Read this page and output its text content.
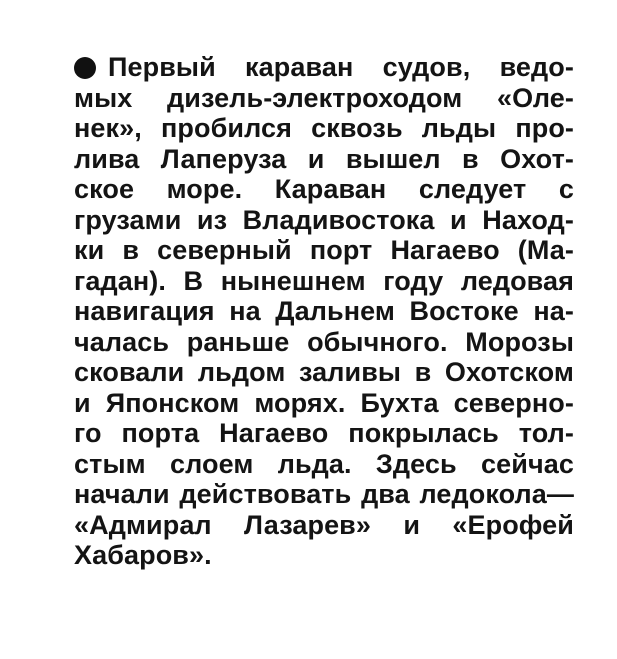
Первый караван судов, ведо-
мых дизель-электроходом «Оле-
нек», пробился сквозь льды про-
лива Лаперуза и вышел в Охот-
ское море. Караван следует с
грузами из Владивостока и Наход-
ки в северный порт Нагаево (Ма-
гадан). В нынешнем году ледовая
навигация на Дальнем Востоке на-
чалась раньше обычного. Морозы
сковали льдом заливы в Охотском
и Японском морях. Бухта северно-
го порта Нагаево покрылась тол-
стым слоем льда. Здесь сейчас
начали действовать два ледокола—
«Адмирал Лазарев» и «Ерофей
Хабаров».
